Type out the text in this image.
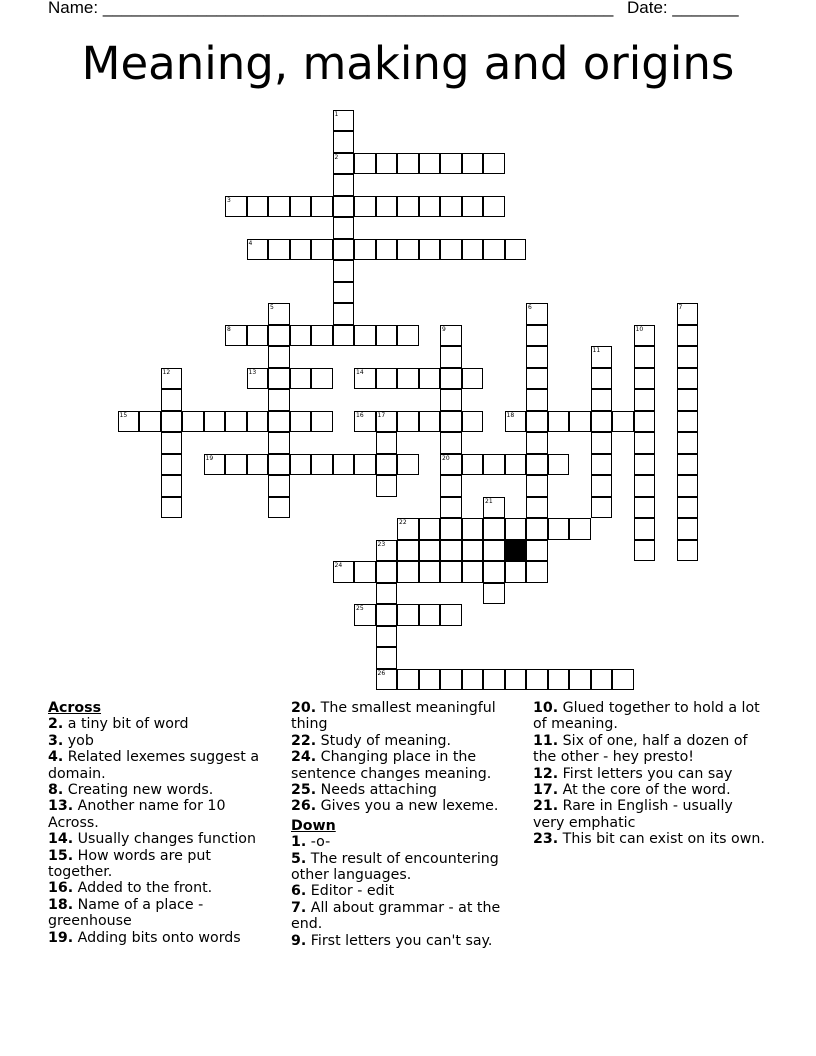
Name: ______________________________________________________ Date: _______
Meaning, making and origins
2
3
4
8
13	14
15	16 17	18
19	20
22
23
24
25
26
1
5	6	7
9	10
11
12
21
Across
2. a tiny bit of word
3. yob
4. Related lexemes suggest a domain.
8. Creating new words.
13. Another name for 10 Across.
14. Usually changes function
15. How words are put together.
16. Added to the front.
18. Name of a place - greenhouse
19. Adding bits onto words
20. The smallest meaningful thing
22. Study of meaning.
24. Changing place in the sentence changes meaning.
25. Needs attaching
26. Gives you a new lexeme.
Down
1. -o-
5. The result of encountering other languages.
6. Editor - edit
7. All about grammar - at the end.
9. First letters you can't say.
10. Glued together to hold a lot of meaning.
11. Six of one, half a dozen of the other - hey presto!
12. First letters you can say
17. At the core of the word.
21. Rare in English - usually very emphatic
23. This bit can exist on its own.
